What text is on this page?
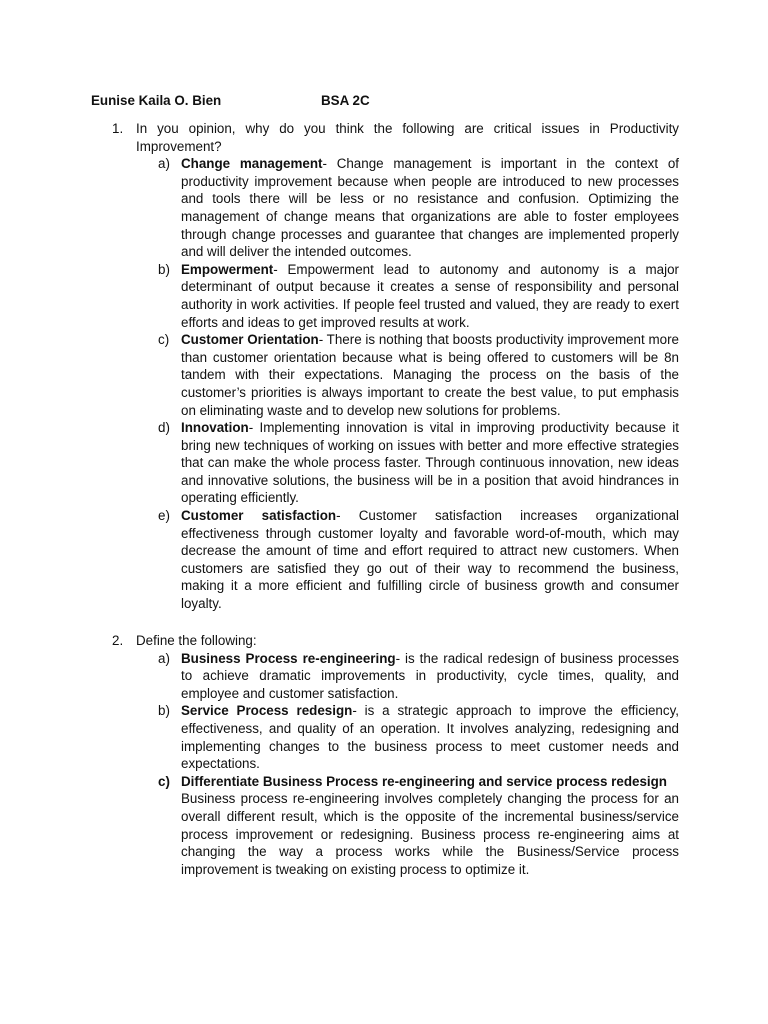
Eunise Kaila O. Bien	BSA 2C
1. In you opinion, why do you think the following are critical issues in Productivity Improvement?
a) Change management- Change management is important in the context of productivity improvement because when people are introduced to new processes and tools there will be less or no resistance and confusion. Optimizing the management of change means that organizations are able to foster employees through change processes and guarantee that changes are implemented properly and will deliver the intended outcomes.
b) Empowerment- Empowerment lead to autonomy and autonomy is a major determinant of output because it creates a sense of responsibility and personal authority in work activities. If people feel trusted and valued, they are ready to exert efforts and ideas to get improved results at work.
c) Customer Orientation- There is nothing that boosts productivity improvement more than customer orientation because what is being offered to customers will be 8n tandem with their expectations. Managing the process on the basis of the customer’s priorities is always important to create the best value, to put emphasis on eliminating waste and to develop new solutions for problems.
d) Innovation- Implementing innovation is vital in improving productivity because it bring new techniques of working on issues with better and more effective strategies that can make the whole process faster. Through continuous innovation, new ideas and innovative solutions, the business will be in a position that avoid hindrances in operating efficiently.
e) Customer satisfaction- Customer satisfaction increases organizational effectiveness through customer loyalty and favorable word-of-mouth, which may decrease the amount of time and effort required to attract new customers. When customers are satisfied they go out of their way to recommend the business, making it a more efficient and fulfilling circle of business growth and consumer loyalty.
2. Define the following:
a) Business Process re-engineering- is the radical redesign of business processes to achieve dramatic improvements in productivity, cycle times, quality, and employee and customer satisfaction.
b) Service Process redesign- is a strategic approach to improve the efficiency, effectiveness, and quality of an operation. It involves analyzing, redesigning and implementing changes to the business process to meet customer needs and expectations.
c) Differentiate Business Process re-engineering and service process redesign
Business process re-engineering involves completely changing the process for an overall different result, which is the opposite of the incremental business/service process improvement or redesigning. Business process re-engineering aims at changing the way a process works while the Business/Service process improvement is tweaking on existing process to optimize it.
